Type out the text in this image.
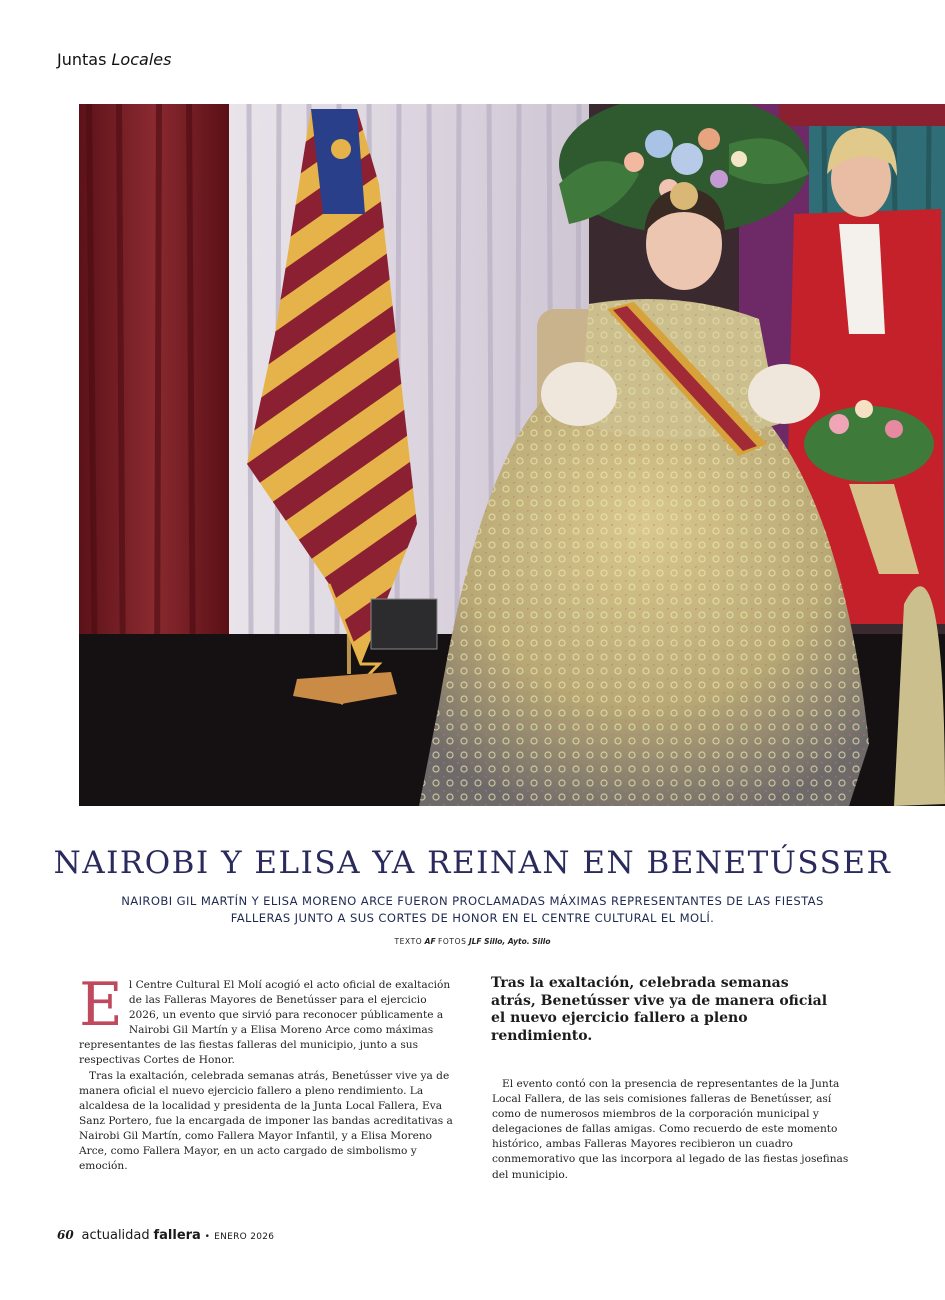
Juntas Locales
NAIROBI Y ELISA YA REINAN EN BENETÚSSER
NAIROBI GIL MARTÍN Y ELISA MORENO ARCE FUERON PROCLAMADAS MÁXIMAS REPRESENTANTES DE LAS FIESTAS FALLERAS JUNTO A SUS CORTES DE HONOR EN EL CENTRE CULTURAL EL MOLÍ.
TEXTO AF FOTOS JLF Sillo, Ayto. Sillo

El Centre Cultural El Molí acogió el acto oficial de exaltación de las Falleras Mayores de Benetússer para el ejercicio 2026, un evento que sirvió para reconocer públicamente a Nairobi Gil Martín y a Elisa Moreno Arce como máximas representantes de las fiestas falleras del municipio, junto a sus respectivas Cortes de Honor.

Tras la exaltación, celebrada semanas atrás, Benetússer vive ya de manera oficial el nuevo ejercicio fallero a pleno rendimiento. La alcaldesa de la localidad y presidenta de la Junta Local Fallera, Eva Sanz Portero, fue la encargada de imponer las bandas acreditativas a Nairobi Gil Martín, como Fallera Mayor Infantil, y a Elisa Moreno Arce, como Fallera Mayor, en un acto cargado de simbolismo y emoción.

Tras la exaltación, celebrada semanas atrás, Benetússer vive ya de manera oficial el nuevo ejercicio fallero a pleno rendimiento.

El evento contó con la presencia de representantes de la Junta Local Fallera, de las seis comisiones falleras de Benetússer, así como de numerosos miembros de la corporación municipal y delegaciones de fallas amigas. Como recuerdo de este momento histórico, ambas Falleras Mayores recibieron un cuadro conmemorativo que las incorpora al legado de las fiestas josefinas del municipio.

60 actualidad fallera • ENERO 2026
